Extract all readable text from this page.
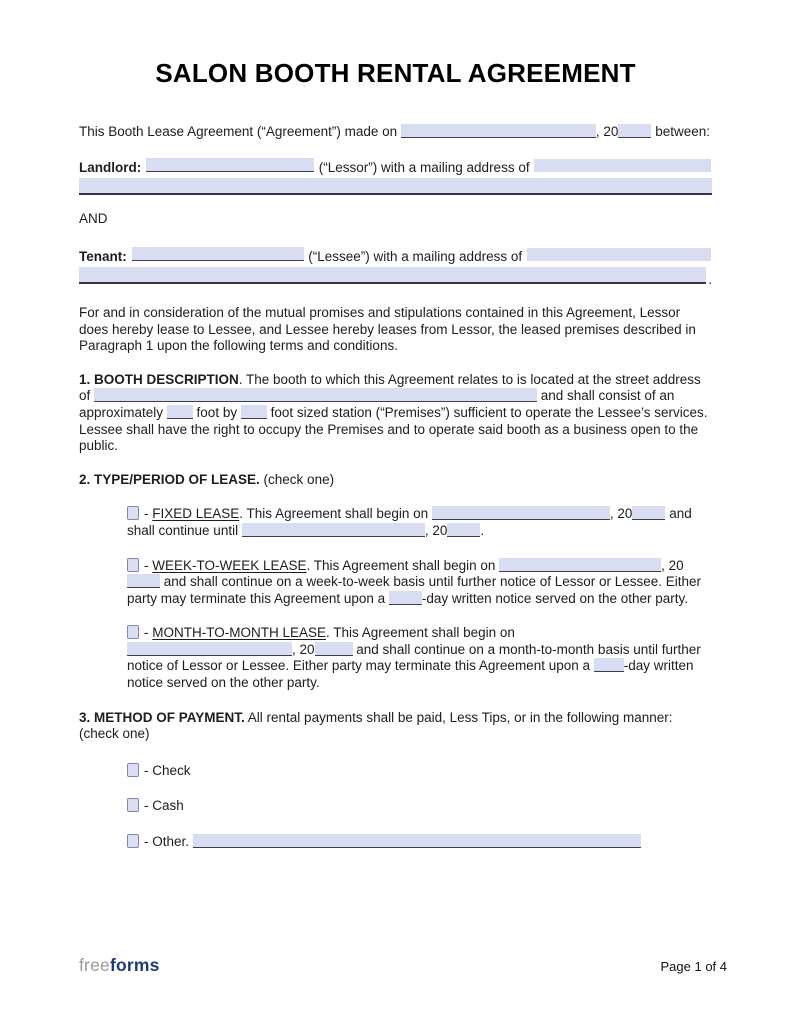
SALON BOOTH RENTAL AGREEMENT

This Booth Lease Agreement (“Agreement”) made on	, 20 between:

Landlord :	(“Lessor”) with a mailing address of

AND

Tenant :	(“Lessee”) with a mailing address of
.

For and in consideration of the mutual promises and stipulations contained in this Agreement, Lessor does hereby lease to Lessee, and Lessee hereby leases from Lessor, the leased premises described in Paragraph 1 upon the following terms and conditions.

1. BOOTH DESCRIPTION. The booth to which this Agreement relates to is located at the street address of	and shall consist of an approximately  foot by  foot sized station (“Premises”) sufficient to operate the Lessee’s services. Lessee shall have the right to occupy the Premises and to operate said booth as a business open to the public.

2. TYPE/PERIOD OF LEASE. (check one)

- FIXED LEASE. This Agreement shall begin on	, 20 and shall continue until	, 20 .
- WEEK-TO-WEEK LEASE. This Agreement shall begin on	, 20 and shall continue on a week-to-week basis until further notice of Lessor or Lessee. Either party may terminate this Agreement upon a -day written notice served on the other party.
- MONTH-TO-MONTH LEASE. This Agreement shall begin on
, 20	and shall continue on a month-to-month basis until further notice of Lessor or Lessee. Either party may terminate this Agreement upon a -day written notice served on the other party.

3. METHOD OF PAYMENT. All rental payments shall be paid, Less Tips, or in the following manner: (check one)

- Check
- Cash
- Other.
freeforms	Page 1 of 4
